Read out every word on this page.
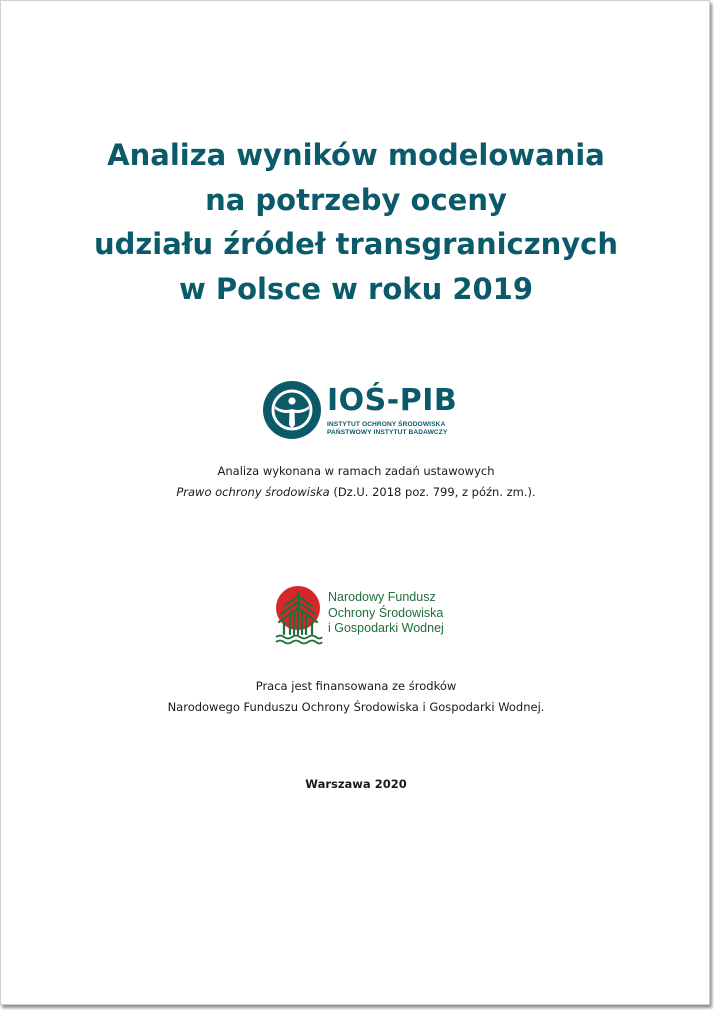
Analiza wyników modelowania
na potrzeby oceny
udziału źródeł transgranicznych
w Polsce w roku 2019
IOŚ-PIB
INSTYTUT OCHRONY ŚRODOWISKA
PAŃSTWOWY INSTYTUT BADAWCZY
Analiza wykonana w ramach zadań ustawowych
Prawo ochrony środowiska (Dz.U. 2018 poz. 799, z późn. zm.).
Narodowy Fundusz
Ochrony Środowiska
i Gospodarki Wodnej
Praca jest finansowana ze środków
Narodowego Funduszu Ochrony Środowiska i Gospodarki Wodnej.
Warszawa 2020
